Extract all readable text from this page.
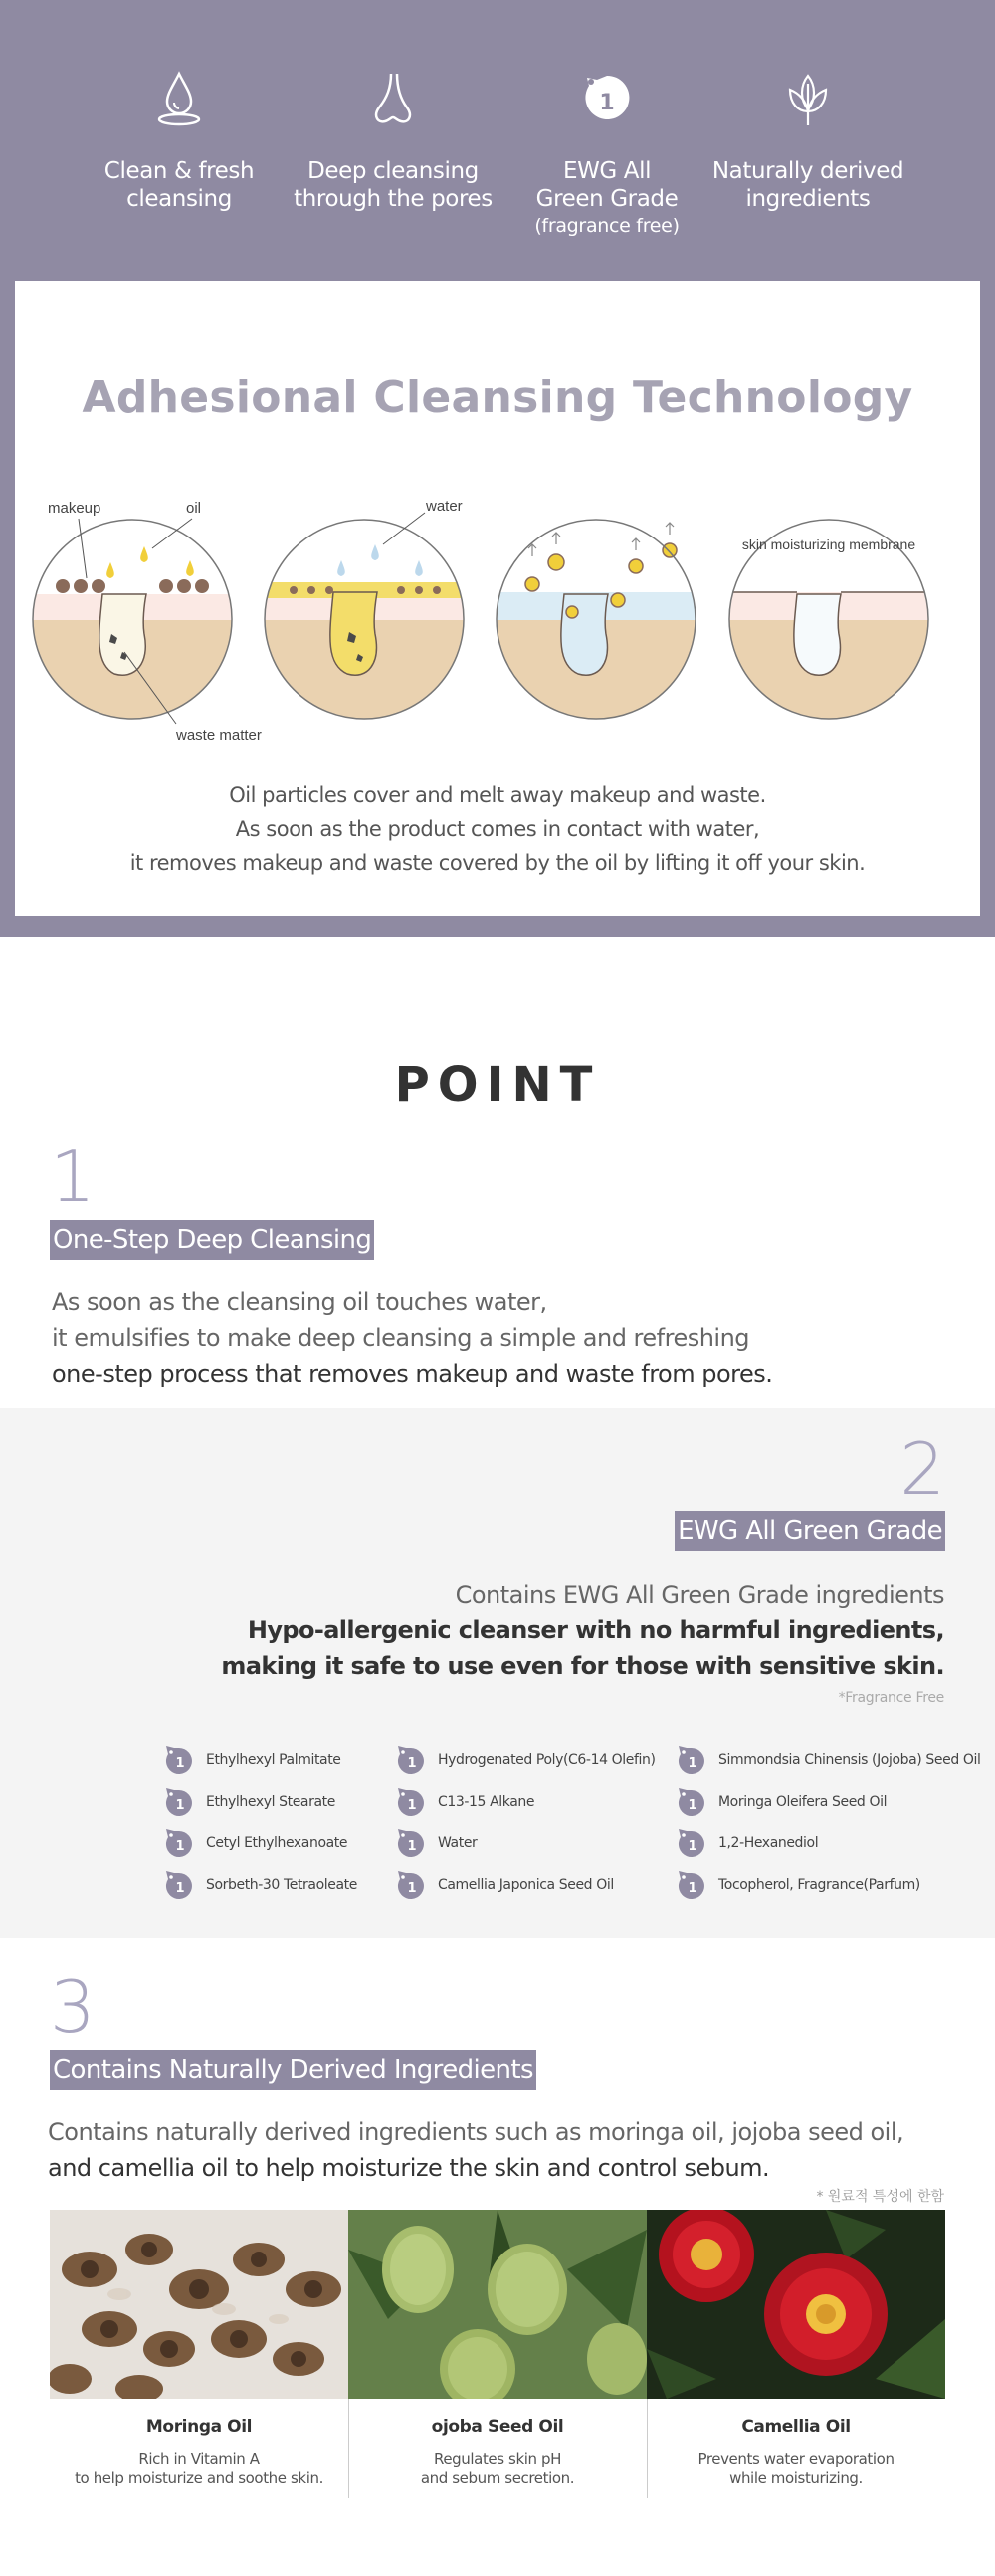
Clean & fresh
cleansing
Deep cleansing
through the pores
1
EWG All
Green Grade
(fragrance free)
Naturally derived
ingredients
Adhesional Cleansing Technology
makeup	oil
waste matter
water
skin moisturizing membrane
Oil particles cover and melt away makeup and waste.
As soon as the product comes in contact with water,
it removes makeup and waste covered by the oil by lifting it off your skin.
POINT
1
One-Step Deep Cleansing
As soon as the cleansing oil touches water,
it emulsifies to make deep cleansing a simple and refreshing
one-step process that removes makeup and waste from pores.
2
EWG All Green Grade
Contains EWG All Green Grade ingredients
Hypo-allergenic cleanser with no harmful ingredients,
making it safe to use even for those with sensitive skin.
*Fragrance Free
1 Ethylhexyl Palmitate
1 Ethylhexyl Stearate
1 Cetyl Ethylhexanoate
1 Sorbeth-30 Tetraoleate
1 Hydrogenated Poly(C6-14 Olefin)
1 C13-15 Alkane
1 Water
1 Camellia Japonica Seed Oil
1 Simmondsia Chinensis (Jojoba) Seed Oil
1 Moringa Oleifera Seed Oil
1 1,2-Hexanediol
1 Tocopherol, Fragrance(Parfum)
3
Contains Naturally Derived Ingredients
Contains naturally derived ingredients such as moringa oil, jojoba seed oil,
and camellia oil to help moisturize the skin and control sebum.
* 원료적 특성에 한함
Moringa Oil
Rich in Vitamin A
to help moisturize and soothe skin.
ojoba Seed Oil
Regulates skin pH
and sebum secretion.
Camellia Oil
Prevents water evaporation
while moisturizing.
